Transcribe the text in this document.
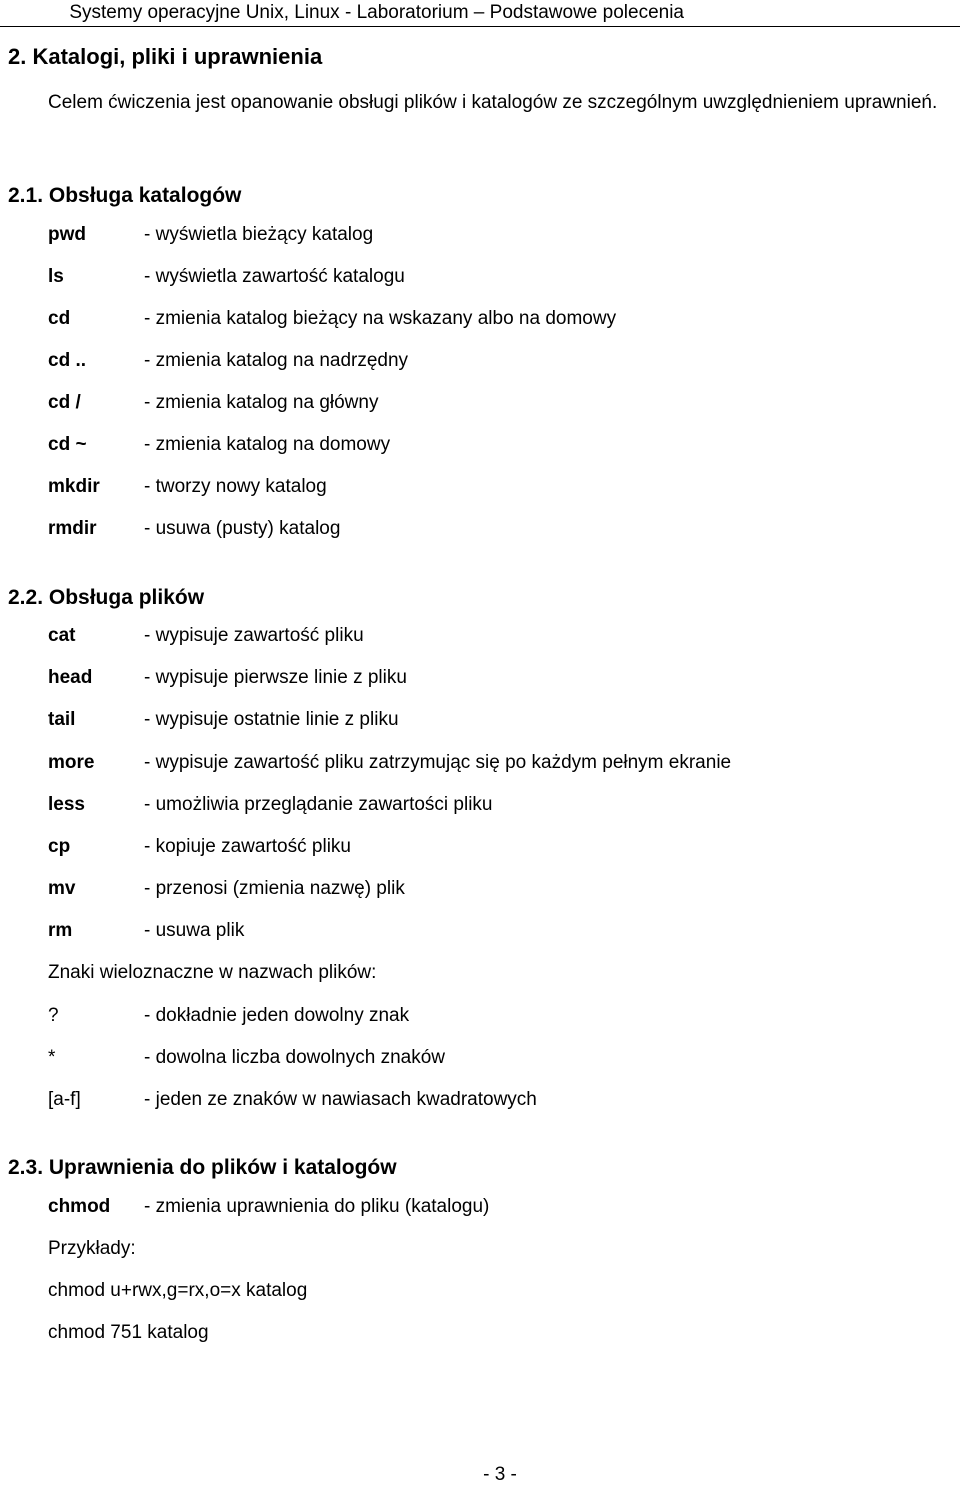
Systemy operacyjne Unix, Linux - Laboratorium – Podstawowe polecenia
2. Katalogi, pliki i uprawnienia
Celem ćwiczenia jest opanowanie obsługi plików i katalogów ze szczególnym uwzględnieniem uprawnień.
2.1. Obsługa katalogów
pwd	- wyświetla bieżący katalog
ls	- wyświetla zawartość katalogu
cd	- zmienia katalog bieżący na wskazany albo na domowy
cd ..	- zmienia katalog na nadrzędny
cd /	- zmienia katalog na główny
cd ~	- zmienia katalog na domowy
mkdir - tworzy nowy katalog
rmdir - usuwa (pusty) katalog
2.2. Obsługa plików
cat	- wypisuje zawartość pliku
head	- wypisuje pierwsze linie z pliku
tail	- wypisuje ostatnie linie z pliku
more	- wypisuje zawartość pliku zatrzymując się po każdym pełnym ekranie
less	- umożliwia przeglądanie zawartości pliku
cp	- kopiuje zawartość pliku
mv	- przenosi (zmienia nazwę) plik
rm	- usuwa plik
Znaki wieloznaczne w nazwach plików:
?	- dokładnie jeden dowolny znak
*	- dowolna liczba dowolnych znaków
[a-f]	- jeden ze znaków w nawiasach kwadratowych
2.3. Uprawnienia do plików i katalogów
chmod - zmienia uprawnienia do pliku (katalogu)
Przykłady:
chmod u+rwx,g=rx,o=x katalog
chmod 751 katalog
- 3 -
